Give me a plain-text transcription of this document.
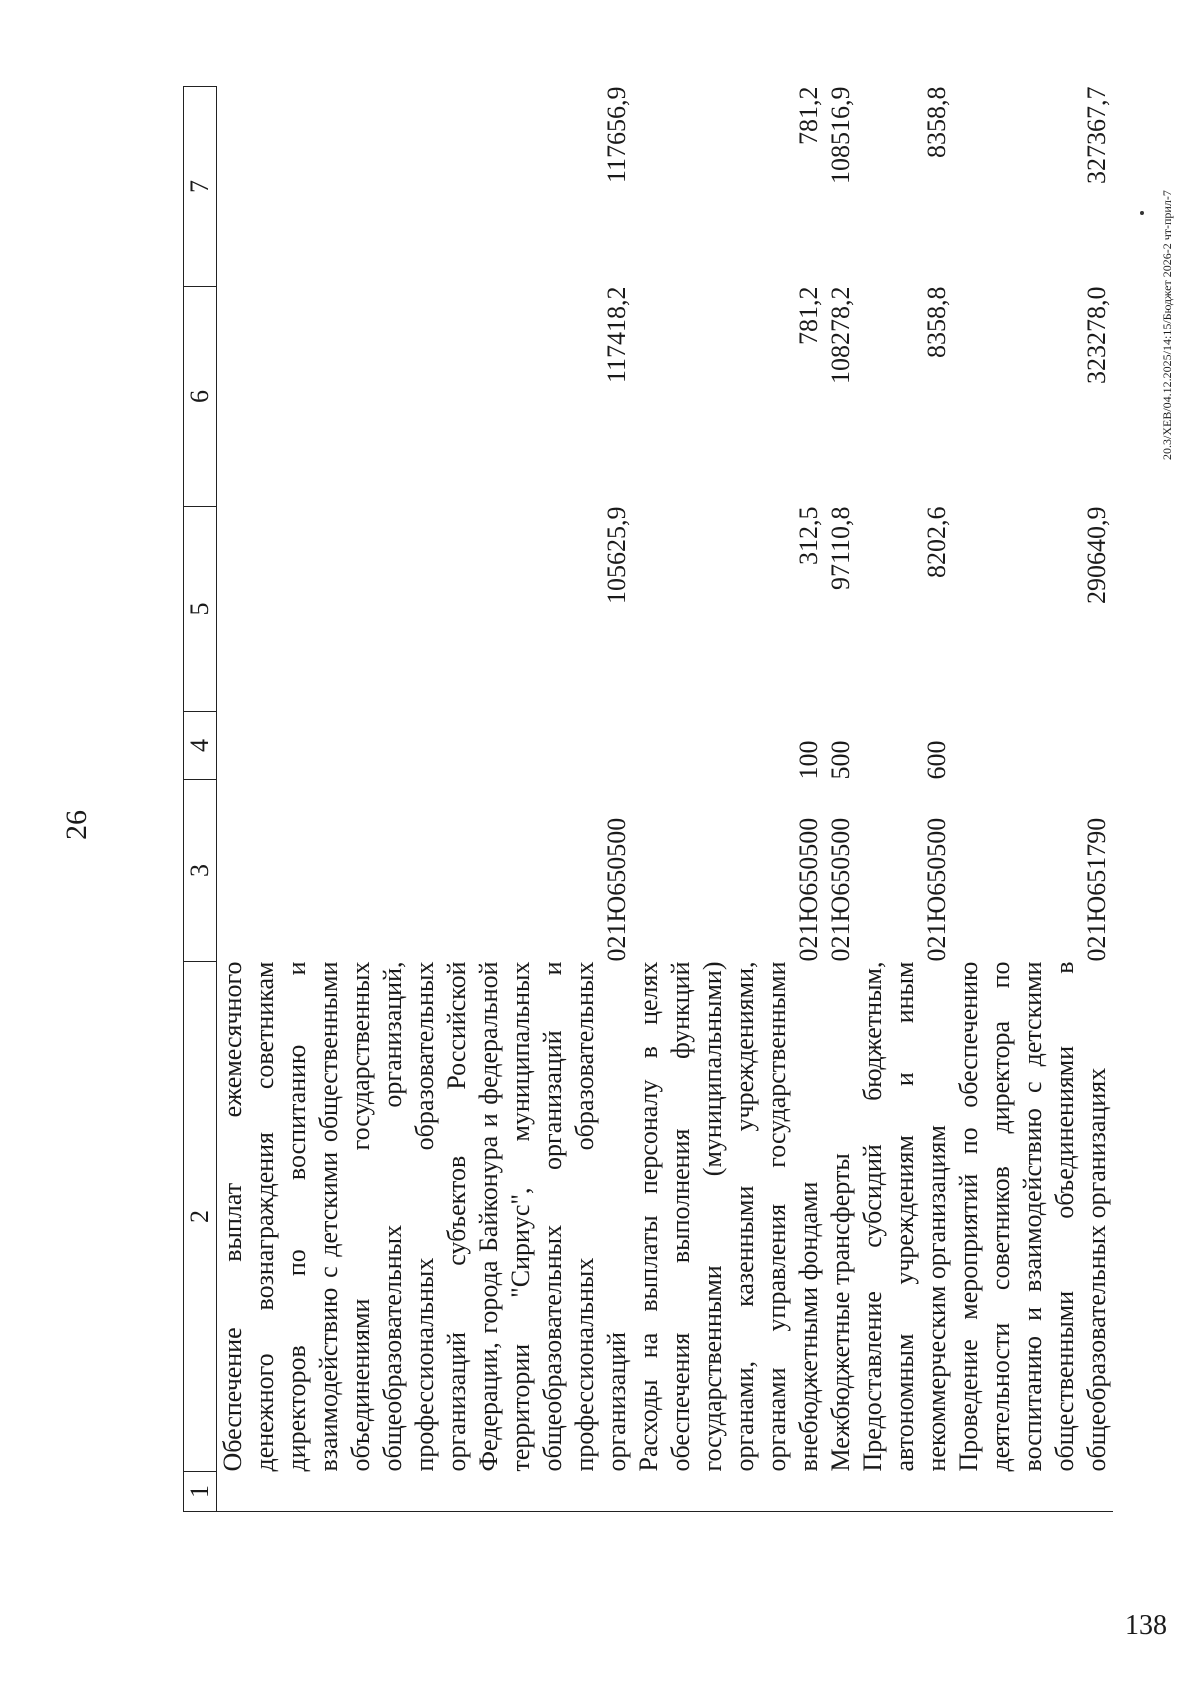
26
1	2	3	4	5	6	7
	Обеспечение выплат ежемесячного денежного вознаграждения советникам директоров по воспитанию и взаимодействию с детскими общественными объединениями государственных общеобразовательных организаций, профессиональных образовательных организаций субъектов Российской Федерации, города Байконура и федеральной территории "Сириус", муниципальных общеобразовательных организаций и профессиональных образовательных организаций	021Ю650500		105625,9	117418,2	117656,9
	Расходы на выплаты персоналу в целях обеспечения выполнения функций государственными (муниципальными) органами, казенными учреждениями, органами управления государственными внебюджетными фондами	021Ю650500	100	312,5	781,2	781,2
	Межбюджетные трансферты	021Ю650500	500	97110,8	108278,2	108516,9
	Предоставление субсидий бюджетным, автономным учреждениям и иным некоммерческим организациям	021Ю650500	600	8202,6	8358,8	8358,8
	Проведение мероприятий по обеспечению деятельности советников директора по воспитанию и взаимодействию с детскими общественными объединениями в общеобразовательных организациях	021Ю651790		290640,9	323278,0	327367,7
20.3/ХЕВ/04.12.2025/14:15/Бюджет 2026-2 чт-прил-7
138
